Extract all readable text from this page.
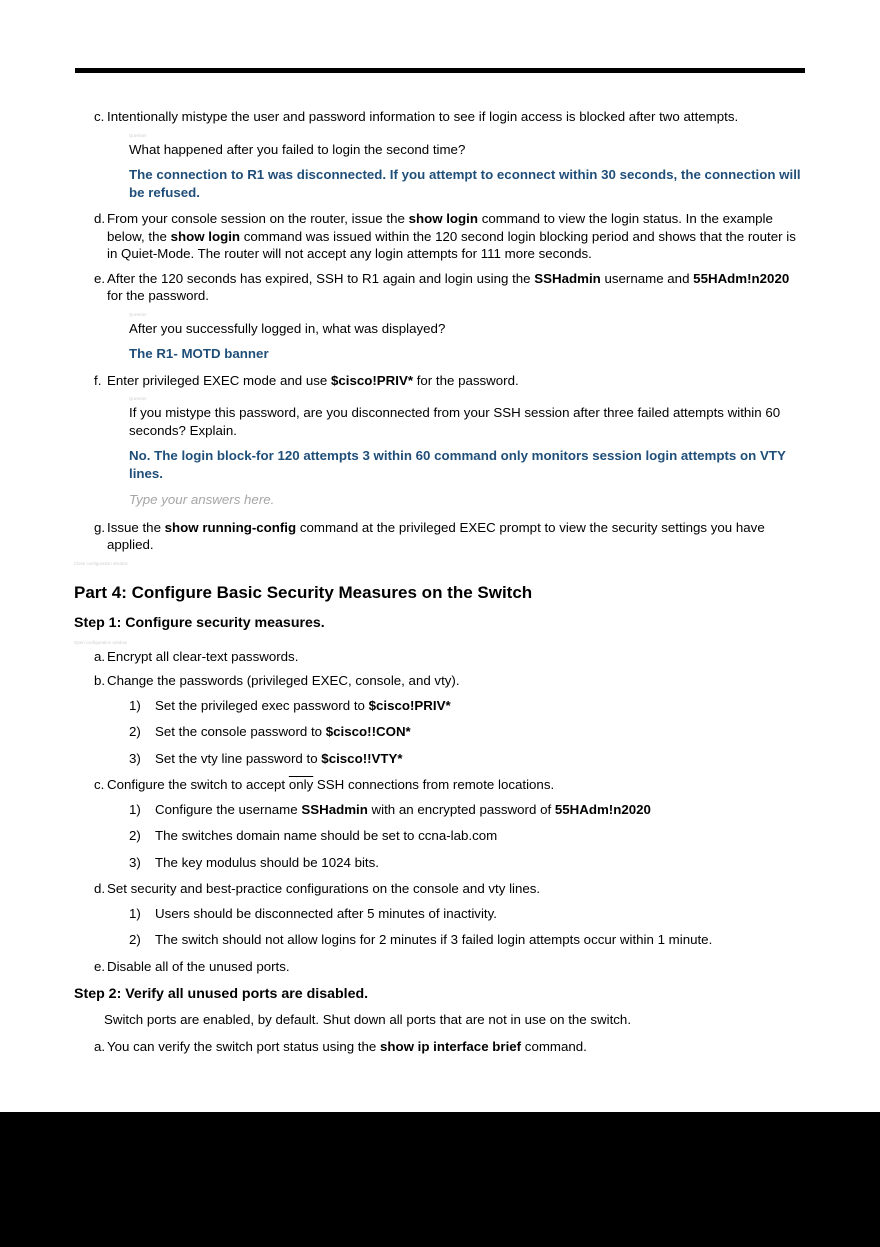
c. Intentionally mistype the user and password information to see if login access is blocked after two attempts.
Question
What happened after you failed to login the second time?
The connection to R1 was disconnected. If you attempt to econnect within 30 seconds, the connection will be refused.
d. From your console session on the router, issue the show login command to view the login status. In the example below, the show login command was issued within the 120 second login blocking period and shows that the router is in Quiet-Mode. The router will not accept any login attempts for 111 more seconds.
e. After the 120 seconds has expired, SSH to R1 again and login using the SSHadmin username and 55HAdm!n2020 for the password.
Question
After you successfully logged in, what was displayed?
The R1- MOTD banner
f. Enter privileged EXEC mode and use $cisco!PRIV* for the password.
Question
If you mistype this password, are you disconnected from your SSH session after three failed attempts within 60 seconds? Explain.
No. The login block-for 120 attempts 3 within 60 command only monitors session login attempts on VTY lines.
Type your answers here.
g. Issue the show running-config command at the privileged EXEC prompt to view the security settings you have applied.
Close configuration window
Part 4: Configure Basic Security Measures on the Switch
Step 1: Configure security measures.
Open configuration window
a. Encrypt all clear-text passwords.
b. Change the passwords (privileged EXEC, console, and vty).
1)	Set the privileged exec password to $cisco!PRIV*
2)	Set the console password to $cisco!!CON*
3)	Set the vty line password to $cisco!!VTY*
c. Configure the switch to accept only SSH connections from remote locations.
1)	Configure the username SSHadmin with an encrypted password of 55HAdm!n2020
2)	The switches domain name should be set to ccna-lab.com
3)	The key modulus should be 1024 bits.
d. Set security and best-practice configurations on the console and vty lines.
1)	Users should be disconnected after 5 minutes of inactivity.
2)	The switch should not allow logins for 2 minutes if 3 failed login attempts occur within 1 minute.
e. Disable all of the unused ports.
Step 2: Verify all unused ports are disabled.
Switch ports are enabled, by default. Shut down all ports that are not in use on the switch.
a. You can verify the switch port status using the show ip interface brief command.
